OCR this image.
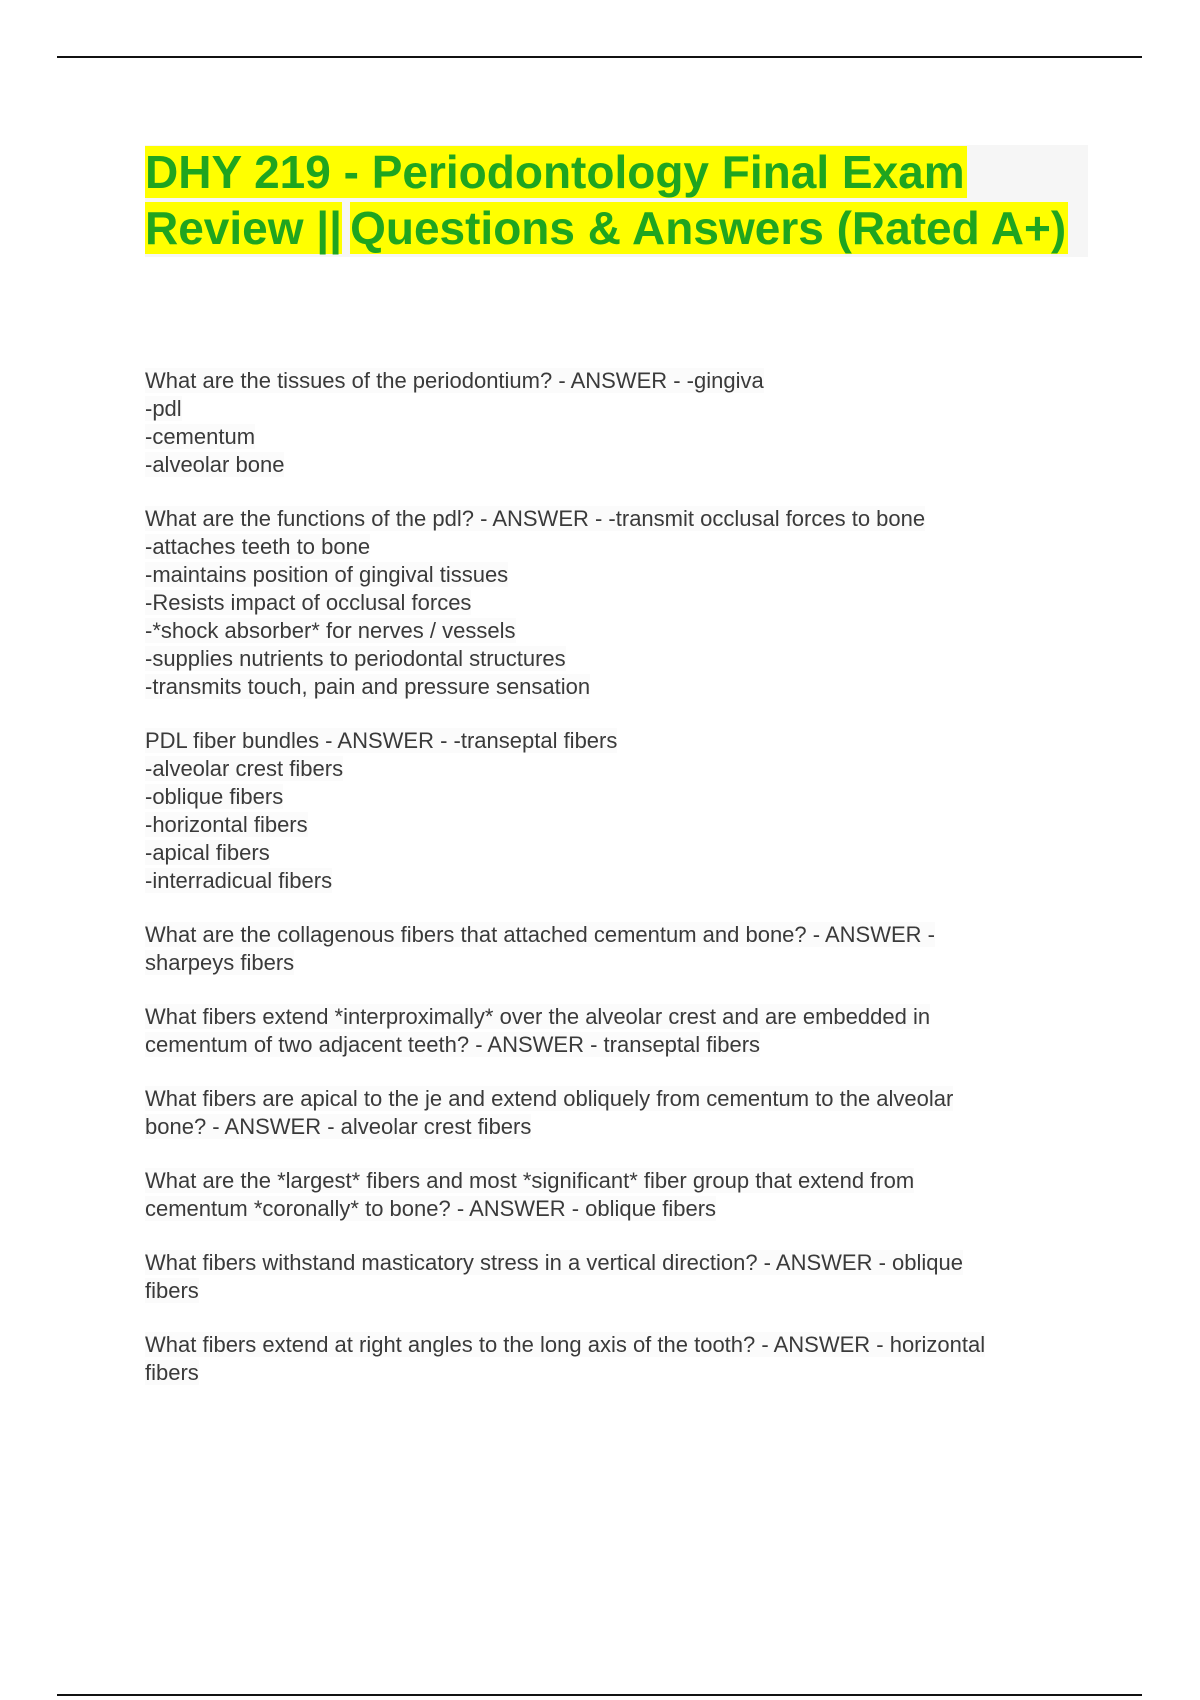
DHY 219 - Periodontology Final Exam
Review || Questions & Answers (Rated A+)
What are the tissues of the periodontium? - ANSWER - -gingiva
-pdl
-cementum
-alveolar bone
What are the functions of the pdl? - ANSWER - -transmit occlusal forces to bone
-attaches teeth to bone
-maintains position of gingival tissues
-Resists impact of occlusal forces
-*shock absorber* for nerves / vessels
-supplies nutrients to periodontal structures
-transmits touch, pain and pressure sensation
PDL fiber bundles - ANSWER - -transeptal fibers
-alveolar crest fibers
-oblique fibers
-horizontal fibers
-apical fibers
-interradicual fibers
What are the collagenous fibers that attached cementum and bone? - ANSWER -
sharpeys fibers
What fibers extend *interproximally* over the alveolar crest and are embedded in
cementum of two adjacent teeth? - ANSWER - transeptal fibers
What fibers are apical to the je and extend obliquely from cementum to the alveolar
bone? - ANSWER - alveolar crest fibers
What are the *largest* fibers and most *significant* fiber group that extend from
cementum *coronally* to bone? - ANSWER - oblique fibers
What fibers withstand masticatory stress in a vertical direction? - ANSWER - oblique
fibers
What fibers extend at right angles to the long axis of the tooth? - ANSWER - horizontal
fibers
